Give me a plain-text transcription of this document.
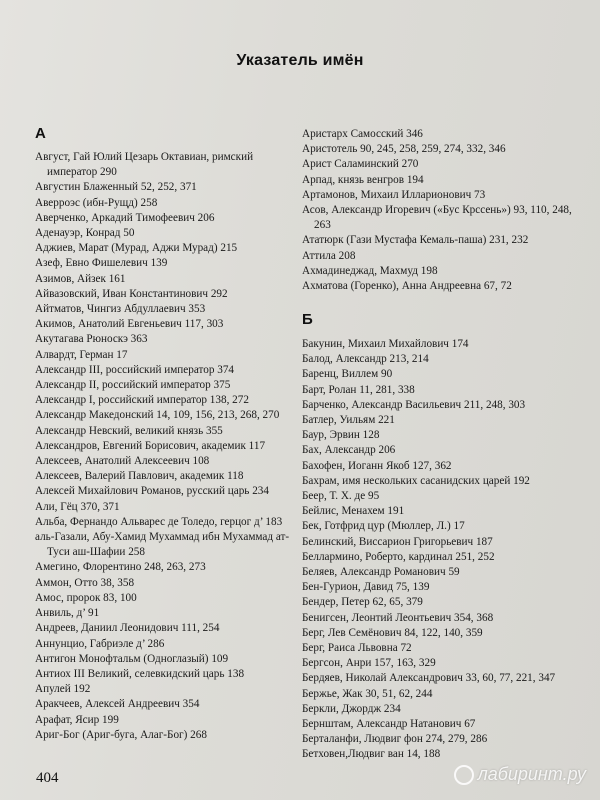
Указатель имён
А

Август, Гай Юлий Цезарь Октавиан, римский император 290

Августин Блаженный 52, 252, 371

Аверроэс (ибн-Рущд) 258

Аверченко, Аркадий Тимофеевич 206

Аденауэр, Конрад 50

Аджиев, Марат (Мурад, Аджи Мурад) 215

Азеф, Евно Фишелевич 139

Азимов, Айзек 161

Айвазовский, Иван Константинович 292

Айтматов, Чингиз Абдуллаевич 353

Акимов, Анатолий Евгеньевич 117, 303

Акутагава Рюноскэ 363

Алвардт, Герман 17

Александр III, российский император 374

Александр II, российский император 375

Александр I, российский император 138, 272

Александр Македонский 14, 109, 156, 213, 268, 270

Александр Невский, великий князь 355

Александров, Евгений Борисович, академик 117

Алексеев, Анатолий Алексеевич 108

Алексеев, Валерий Павлович, академик 118

Алексей Михайлович Романов, русский царь 234

Али, Гёц 370, 371

Альба, Фернандо Альварес де Толедо, герцог д’ 183

аль-Газали, Абу-Хамид Мухаммад ибн Мухаммад ат-Туси аш-Шафии 258

Амегино, Флорентино 248, 263, 273

Аммон, Отто 38, 358

Амос, пророк 83, 100

Анвиль, д’ 91

Андреев, Даниил Леонидович 111, 254

Аннунцио, Габриэле д’ 286

Антигон Монофтальм (Одноглазый) 109

Антиох III Великий, селевкидский царь 138

Апулей 192

Аракчеев, Алексей Андреевич 354

Арафат, Ясир 199

Ариг-Бог (Ариг-буга, Алаг-Бог) 268

Аристарх Самосский 346

Аристотель 90, 245, 258, 259, 274, 332, 346

Арист Саламинский 270

Арпад, князь венгров 194

Артамонов, Михаил Илларионович 73

Асов, Александр Игоревич («Бус Крссень») 93, 110, 248, 263

Ататюрк (Гази Мустафа Кемаль-паша) 231, 232

Аттила 208

Ахмадинеджад, Махмуд 198

Ахматова (Горенко), Анна Андреевна 67, 72

Б

Бакунин, Михаил Михайлович 174

Балод, Александр 213, 214

Баренц, Виллем 90

Барт, Ролан 11, 281, 338

Барченко, Александр Васильевич 211, 248, 303

Батлер, Уильям 221

Баур, Эрвин 128

Бах, Александр 206

Бахофен, Иоганн Якоб 127, 362

Бахрам, имя нескольких сасанидских царей 192

Беер, Т. Х. де 95

Бейлис, Менахем 191

Бек, Готфрид цур (Мюллер, Л.) 17

Белинский, Виссарион Григорьевич 187

Беллармино, Роберто, кардинал 251, 252

Беляев, Александр Романович 59

Бен-Гурион, Давид 75, 139

Бендер, Петер 62, 65, 379

Бенигсен, Леонтий Леонтьевич 354, 368

Берг, Лев Семёнович 84, 122, 140, 359

Берг, Раиса Львовна 72

Бергсон, Анри 157, 163, 329

Бердяев, Николай Александрович 33, 60, 77, 221, 347

Бержье, Жак 30, 51, 62, 244

Беркли, Джордж 234

Бернштам, Александр Натанович 67

Берталанфи, Людвиг фон 274, 279, 286

Бетховен,Людвиг ван 14, 188

404	лабиринт.ру
